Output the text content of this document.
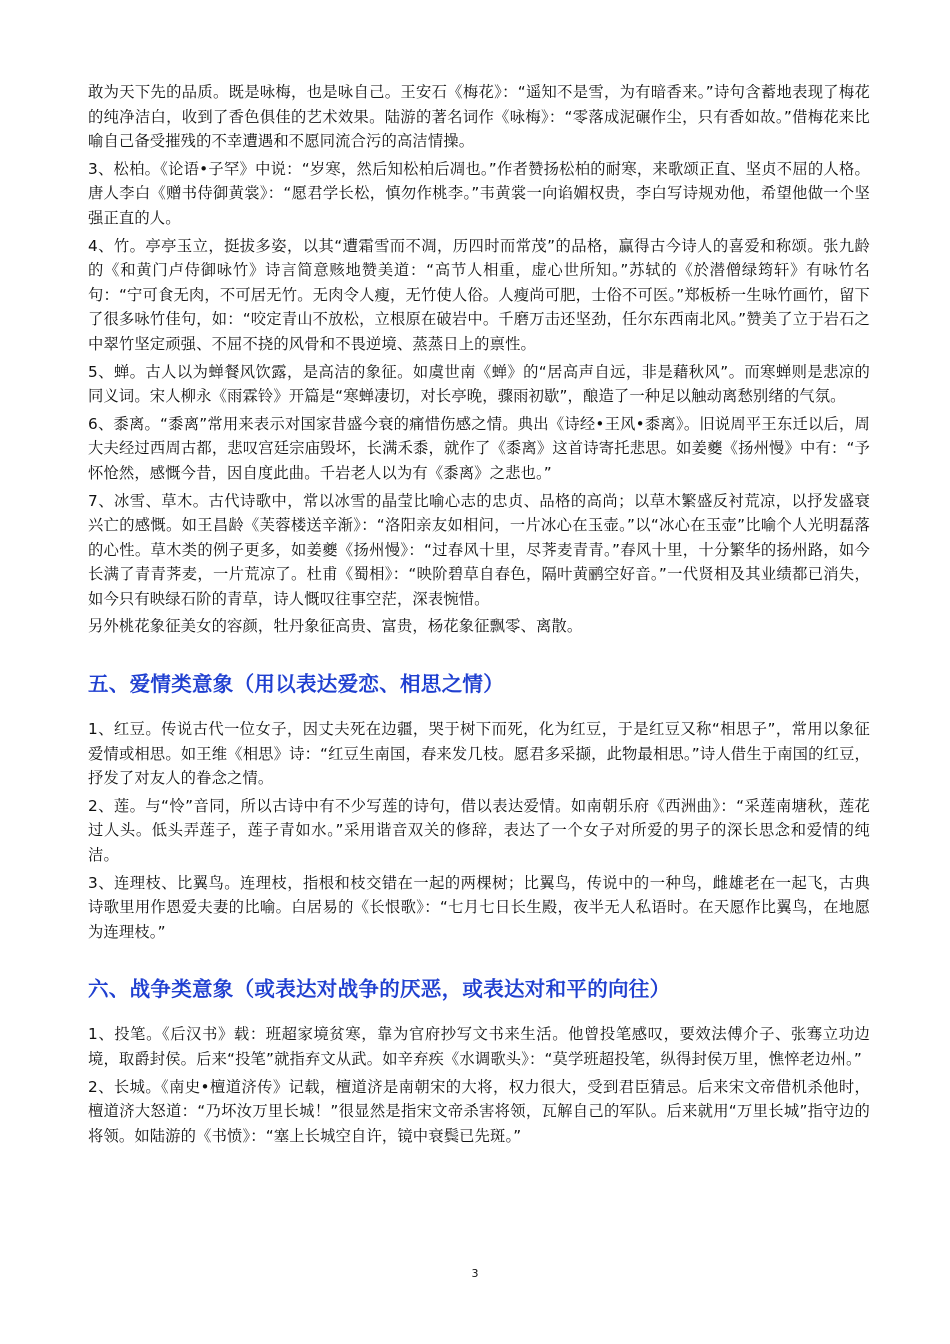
敢为天下先的品质。既是咏梅，也是咏自己。王安石《梅花》：“遥知不是雪，为有暗香来。”诗句含蓄地表现了梅花的纯净洁白，收到了香色俱佳的艺术效果。陆游的著名词作《咏梅》：“零落成泥碾作尘，只有香如故。”借梅花来比喻自己备受摧残的不幸遭遇和不愿同流合污的高洁情操。

3、松柏。《论语•子罕》中说：“岁寒，然后知松柏后凋也。”作者赞扬松柏的耐寒，来歌颂正直、坚贞不屈的人格。唐人李白《赠书侍御黄裳》：“愿君学长松，慎勿作桃李。”韦黄裳一向谄媚权贵，李白写诗规劝他，希望他做一个坚强正直的人。

4、竹。亭亭玉立，挺拔多姿，以其“遭霜雪而不凋，历四时而常茂”的品格，赢得古今诗人的喜爱和称颂。张九龄的《和黄门卢侍御咏竹》诗言简意赅地赞美道：“高节人相重，虚心世所知。”苏轼的《於潜僧绿筠轩》有咏竹名句：“宁可食无肉，不可居无竹。无肉令人瘦，无竹使人俗。人瘦尚可肥，士俗不可医。”郑板桥一生咏竹画竹，留下了很多咏竹佳句，如：“咬定青山不放松，立根原在破岩中。千磨万击还坚劲，任尔东西南北风。”赞美了立于岩石之中翠竹坚定顽强、不屈不挠的风骨和不畏逆境、蒸蒸日上的禀性。

5、蝉。古人以为蝉餐风饮露，是高洁的象征。如虞世南《蝉》的“居高声自远，非是藉秋风”。而寒蝉则是悲凉的同义词。宋人柳永《雨霖铃》开篇是“寒蝉凄切，对长亭晚，骤雨初歇”，酿造了一种足以触动离愁别绪的气氛。

6、黍离。“黍离”常用来表示对国家昔盛今衰的痛惜伤感之情。典出《诗经•王风•黍离》。旧说周平王东迁以后，周大夫经过西周古都，悲叹宫廷宗庙毁坏，长满禾黍，就作了《黍离》这首诗寄托悲思。如姜夔《扬州慢》中有：“予怀怆然，感慨今昔，因自度此曲。千岩老人以为有《黍离》之悲也。”

7、冰雪、草木。古代诗歌中，常以冰雪的晶莹比喻心志的忠贞、品格的高尚；以草木繁盛反衬荒凉，以抒发盛衰兴亡的感慨。如王昌龄《芙蓉楼送辛渐》：“洛阳亲友如相问，一片冰心在玉壶。”以“冰心在玉壶”比喻个人光明磊落的心性。草木类的例子更多，如姜夔《扬州慢》：“过春风十里，尽荠麦青青。”春风十里，十分繁华的扬州路，如今长满了青青荠麦，一片荒凉了。杜甫《蜀相》：“映阶碧草自春色，隔叶黄鹂空好音。”一代贤相及其业绩都已消失，如今只有映绿石阶的青草，诗人慨叹往事空茫，深表惋惜。

另外桃花象征美女的容颜，牡丹象征高贵、富贵，杨花象征飘零、离散。

五、爱情类意象（用以表达爱恋、相思之情）

1、红豆。传说古代一位女子，因丈夫死在边疆，哭于树下而死，化为红豆，于是红豆又称“相思子”，常用以象征爱情或相思。如王维《相思》诗：“红豆生南国，春来发几枝。愿君多采撷，此物最相思。”诗人借生于南国的红豆，抒发了对友人的眷念之情。

2、莲。与“怜”音同，所以古诗中有不少写莲的诗句，借以表达爱情。如南朝乐府《西洲曲》：“采莲南塘秋，莲花过人头。低头弄莲子，莲子青如水。”采用谐音双关的修辞，表达了一个女子对所爱的男子的深长思念和爱情的纯洁。

3、连理枝、比翼鸟。连理枝，指根和枝交错在一起的两棵树；比翼鸟，传说中的一种鸟，雌雄老在一起飞，古典诗歌里用作恩爱夫妻的比喻。白居易的《长恨歌》：“七月七日长生殿，夜半无人私语时。在天愿作比翼鸟，在地愿为连理枝。”

六、战争类意象（或表达对战争的厌恶，或表达对和平的向往）

1、投笔。《后汉书》载：班超家境贫寒，靠为官府抄写文书来生活。他曾投笔感叹，要效法傅介子、张骞立功边境，取爵封侯。后来“投笔”就指弃文从武。如辛弃疾《水调歌头》：“莫学班超投笔，纵得封侯万里，憔悴老边州。”

2、长城。《南史•檀道济传》记载，檀道济是南朝宋的大将，权力很大，受到君臣猜忌。后来宋文帝借机杀他时，檀道济大怒道：“乃坏汝万里长城！”很显然是指宋文帝杀害将领，瓦解自己的军队。后来就用“万里长城”指守边的将领。如陆游的《书愤》：“塞上长城空自许，镜中衰鬓已先斑。”

3
